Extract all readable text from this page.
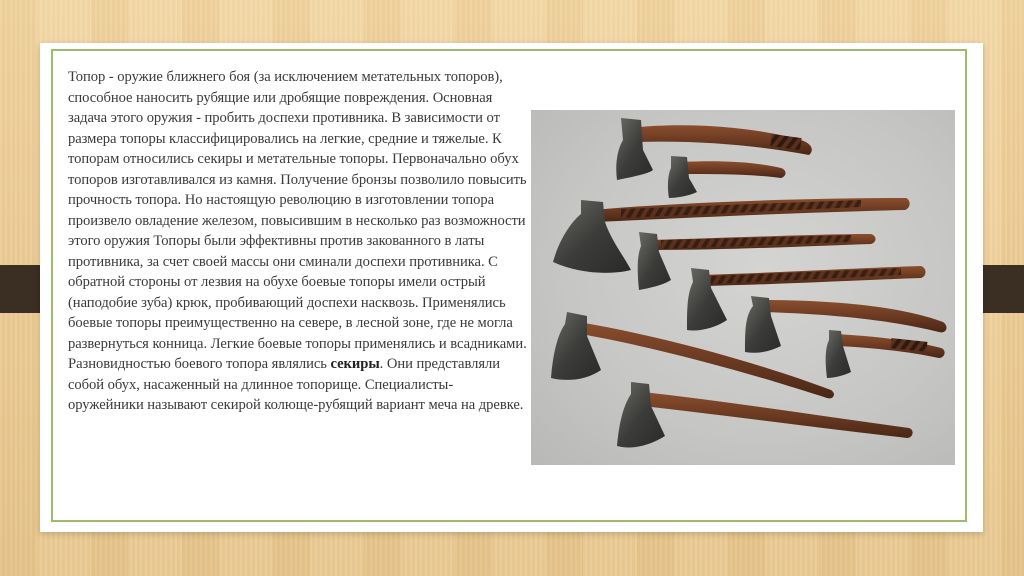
Топор - оружие ближнего боя (за исключением метательных топоров), способное наносить рубящие или дробящие повреждения. Основная задача этого оружия - пробить доспехи противника. В зависимости от размера топоры классифицировались на легкие, средние и тяжелые. К топорам относились секиры и метательные топоры. Первоначально обух топоров изготавливался из камня. Получение бронзы позволило повысить прочность топора. Но настоящую революцию в изготовлении топора произвело овладение железом, повысившим в несколько раз возможности этого оружия Топоры были эффективны против закованного в латы противника, за счет своей массы они сминали доспехи противника. С обратной стороны от лезвия на обухе боевые топоры имели острый (наподобие зуба) крюк, пробивающий доспехи насквозь. Применялись боевые топоры преимущественно на севере, в лесной зоне, где не могла развернуться конница. Легкие боевые топоры применялись и всадниками.

Разновидностью боевого топора являлись секиры. Они представляли собой обух, насаженный на длинное топорище. Специалисты-оружейники называют секирой колюще-рубящий вариант меча на древке.
